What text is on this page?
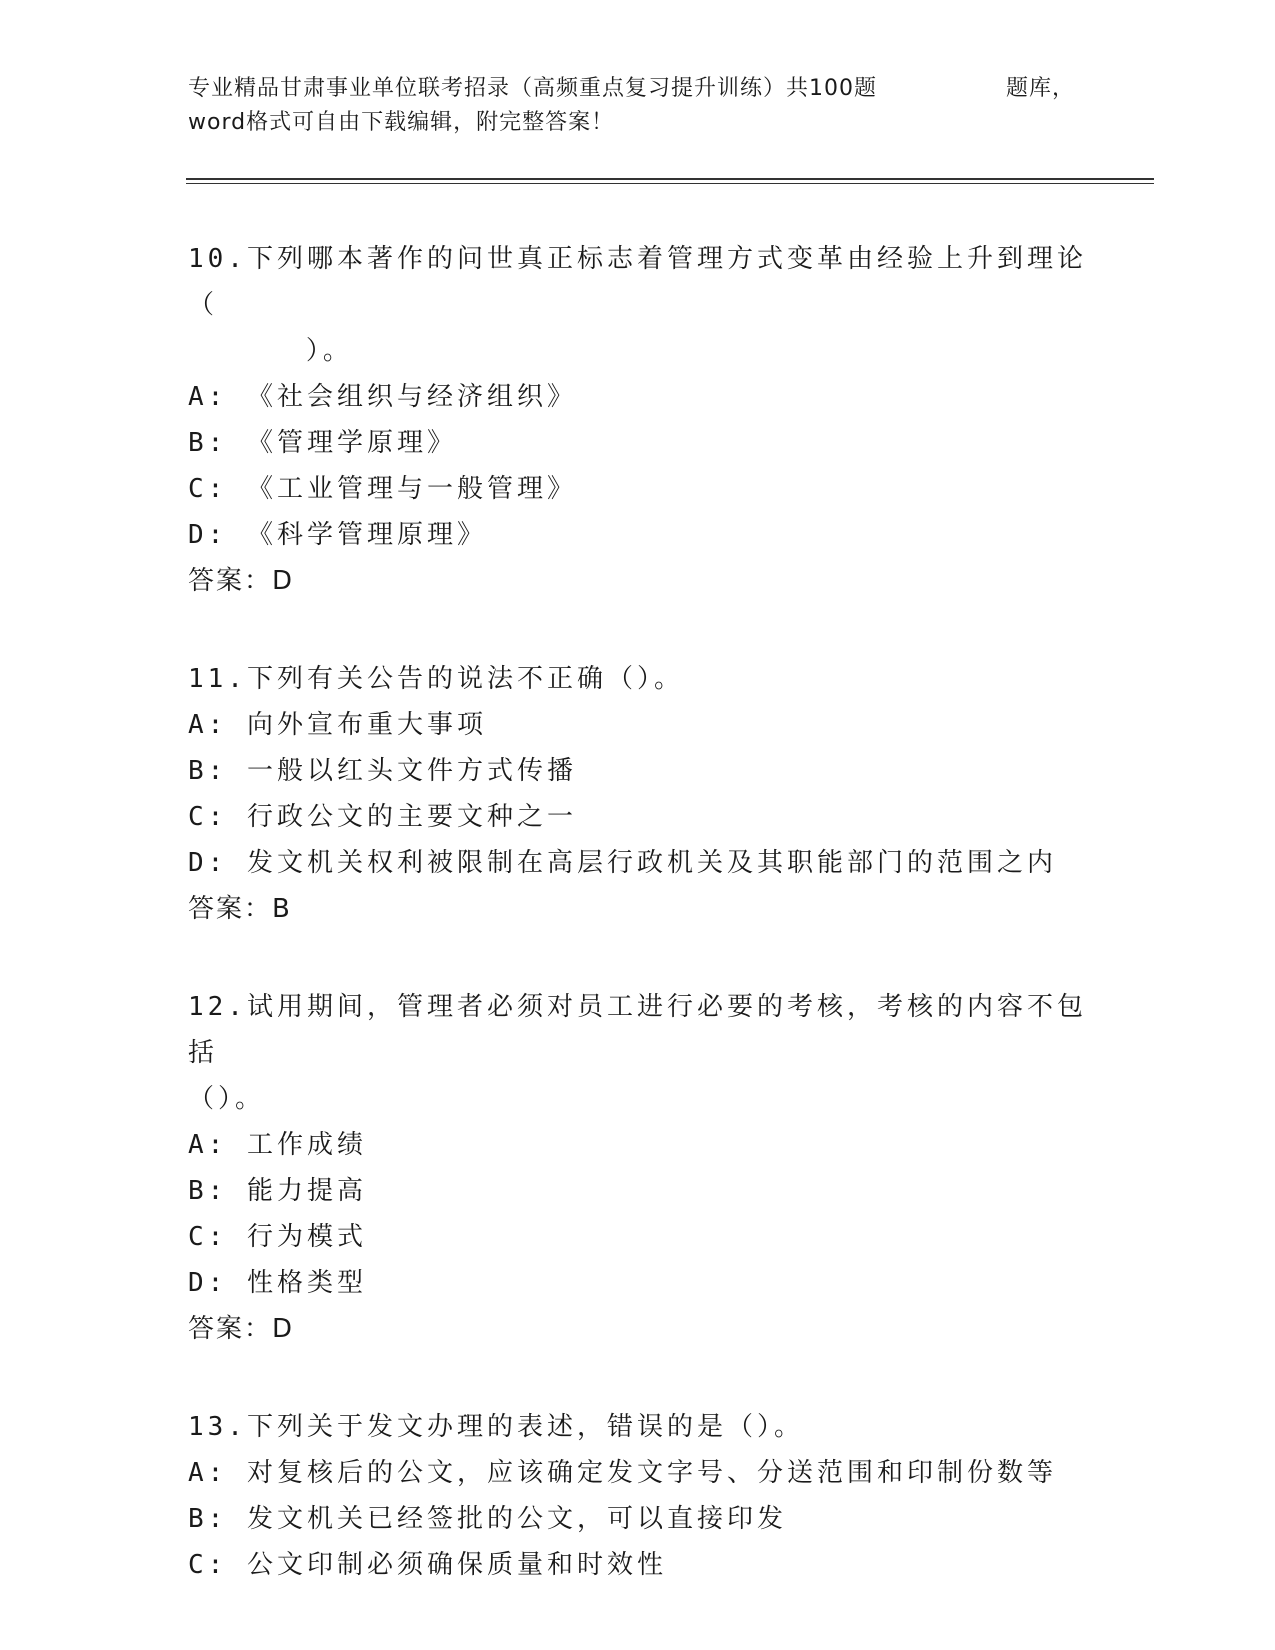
专业精品甘肃事业单位联考招录（高频重点复习提升训练）共100题	题库，
word格式可自由下载编辑，附完整答案！
10.下列哪本著作的问世真正标志着管理方式变革由经验上升到理论（
）。
A: 《社会组织与经济组织》
B: 《管理学原理》
C: 《工业管理与一般管理》
D: 《科学管理原理》
答案：D
11.下列有关公告的说法不正确（）。
A: 向外宣布重大事项
B: 一般以红头文件方式传播
C: 行政公文的主要文种之一
D: 发文机关权利被限制在高层行政机关及其职能部门的范围之内
答案：B
12.试用期间，管理者必须对员工进行必要的考核，考核的内容不包括
（）。
A: 工作成绩
B: 能力提高
C: 行为模式
D: 性格类型
答案：D
13.下列关于发文办理的表述，错误的是（）。
A: 对复核后的公文，应该确定发文字号、分送范围和印制份数等
B: 发文机关已经签批的公文，可以直接印发
C: 公文印制必须确保质量和时效性
